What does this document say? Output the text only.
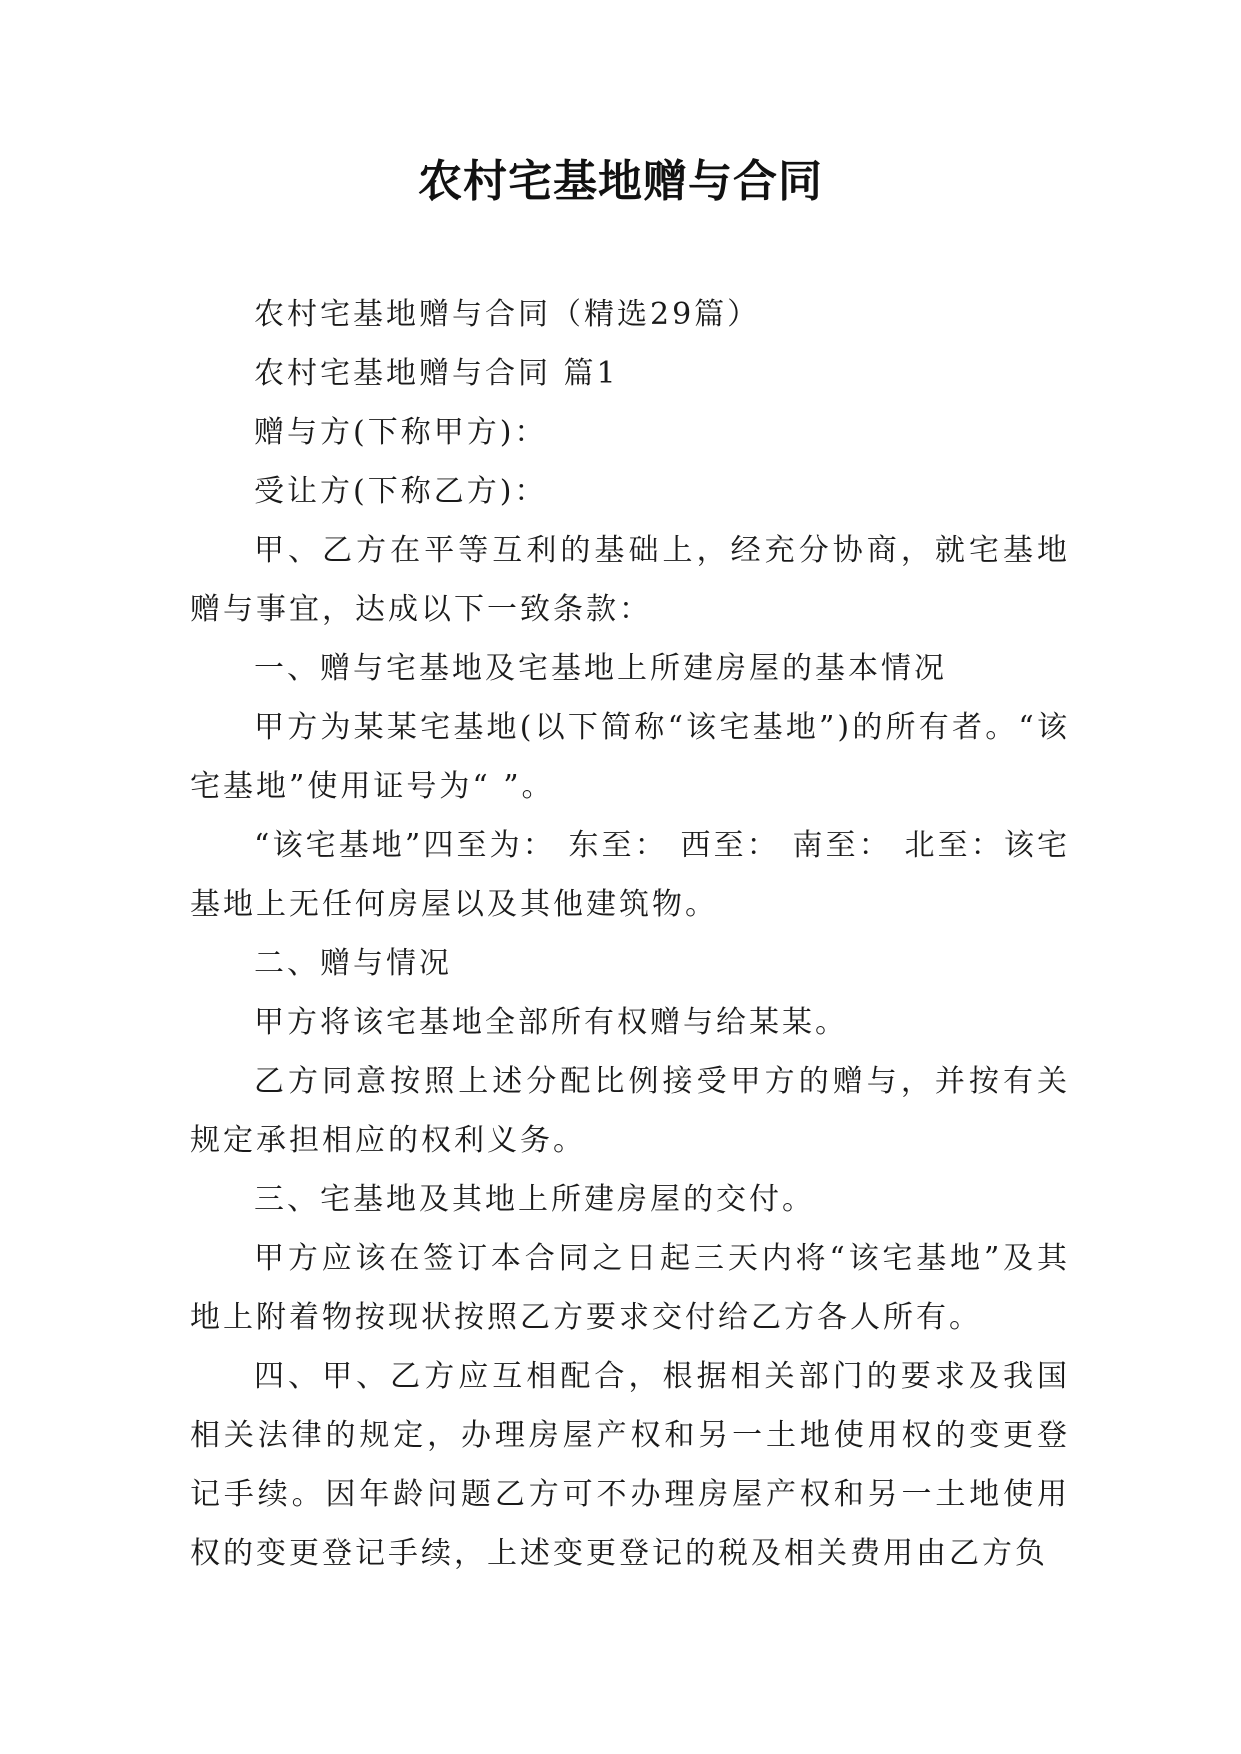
农村宅基地赠与合同

农村宅基地赠与合同（精选29篇）

农村宅基地赠与合同 篇1

赠与方(下称甲方)：

受让方(下称乙方)：

甲、乙方在平等互利的基础上，经充分协商，就宅基地赠与事宜，达成以下一致条款：

一、赠与宅基地及宅基地上所建房屋的基本情况

甲方为某某宅基地(以下简称“该宅基地”)的所有者。“该宅基地”使用证号为“ ”。

“该宅基地”四至为： 东至： 西至： 南至： 北至：该宅基地上无任何房屋以及其他建筑物。

二、赠与情况

甲方将该宅基地全部所有权赠与给某某。

乙方同意按照上述分配比例接受甲方的赠与，并按有关规定承担相应的权利义务。

三、宅基地及其地上所建房屋的交付。

甲方应该在签订本合同之日起三天内将“该宅基地”及其地上附着物按现状按照乙方要求交付给乙方各人所有。

四、甲、乙方应互相配合，根据相关部门的要求及我国相关法律的规定，办理房屋产权和另一土地使用权的变更登记手续。因年龄问题乙方可不办理房屋产权和另一土地使用权的变更登记手续，上述变更登记的税及相关费用由乙方负
